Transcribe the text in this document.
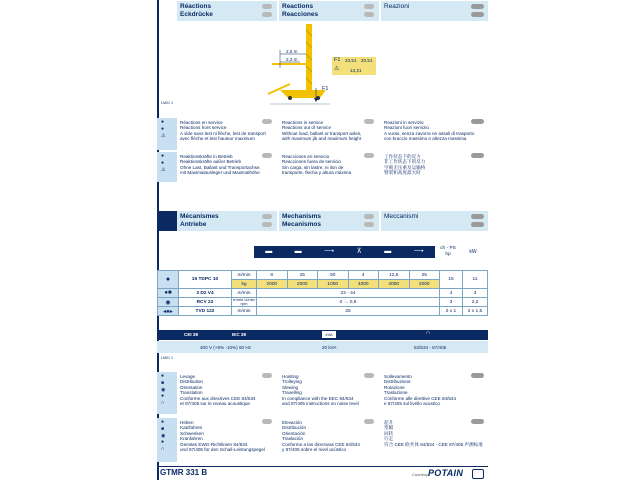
Réactions
Eckdrücke
Reactions
Reacciones
Reazioni
2,5 m
2,3 m
F1
LM01 1
F1 23,51 20,51
13,21
⚠
●
●
⚠
Réactions en service
Réactions hors service
A vide sans lest ni flèche, lest de transport
avec flèche et lest hauteur maximum
Reactions in service
Reactions out of service
Without load, ballast or transport axles,
with maximum jib and maximum height
Reazioni in servizio
Reazioni fuori servizio
A vuoto, senza zavorra ne assali di trasporto
con braccio massimo e altezza massima
●
●
⚠
Reaktionskräfte in Betrieb
Reaktionskräfte außer Betrieb
Ohne Last, Ballast und Transportachse,
mit Maximalausleger und Maximalhöhe
Reacciones en servicio
Reacciones fuera de servicio
Sin carga, sin lastre, ni ilon de
transporte, flecha y altura máxima
工作状态下的反力
非工作状态下的反力
空载无压重及运输桥
臂架和高度最大时
Mécanismes
Antriebe
Mechanisms
Mecanismos
Meccanismi
▬	▬	⟶	⊼	▬	⟶	ch - PS
hp	kW
●	15 TDPC 10	m/min	8	25	50	4	12,5	25	15	11
		kg	2000	2000	1000	4000	4000	2000		
●■	3 D2 V4	m/min	22 - 44						4	3
◉	RCV 22	tr/min U/min rpm	0 → 0,8						3	2,2
◂●▸	TVD 122	m/min	25						2 x 1	2 x 1,5
CEI 38	IEC 38	kVA	∩
400 V (+6% -10%) 50 Hz	20 kVA	84/534 - 87/405
LM01 1
●
■
◉
●
∩
Levage
Distribution
Orientation
Translation
Conforme aux directives CEE 84/534
et 87/405 sur le niveau acoustique
Hoisting
Trolleying
Slewing
Travelling
In compliance with the EEC 84/534
and 87/405 instructions on noise level
Sollevamento
Distribuzione
Rotazione
Traslazione
Conforme alle direttive CEE 84/534
e 87/405 sul livello acustico
●
■
◉
●
∩
Heben
Katzfahren
Schwenken
Kranfahren
Gemäss EWG-Richtlinien 84/534
und 87/405 für den Schall-Leistungspegel
Elevación
Distribución
Orientación
Traslación
Conforme a las directivas CEE 84/534
y 87/405 sobre el nivel acústico
起升
变幅
回转
行走
符合 CEE 欧共体 84/534 - CEE 87/405 声测标准
GTMR 331 B	Courtesy POTAIN
